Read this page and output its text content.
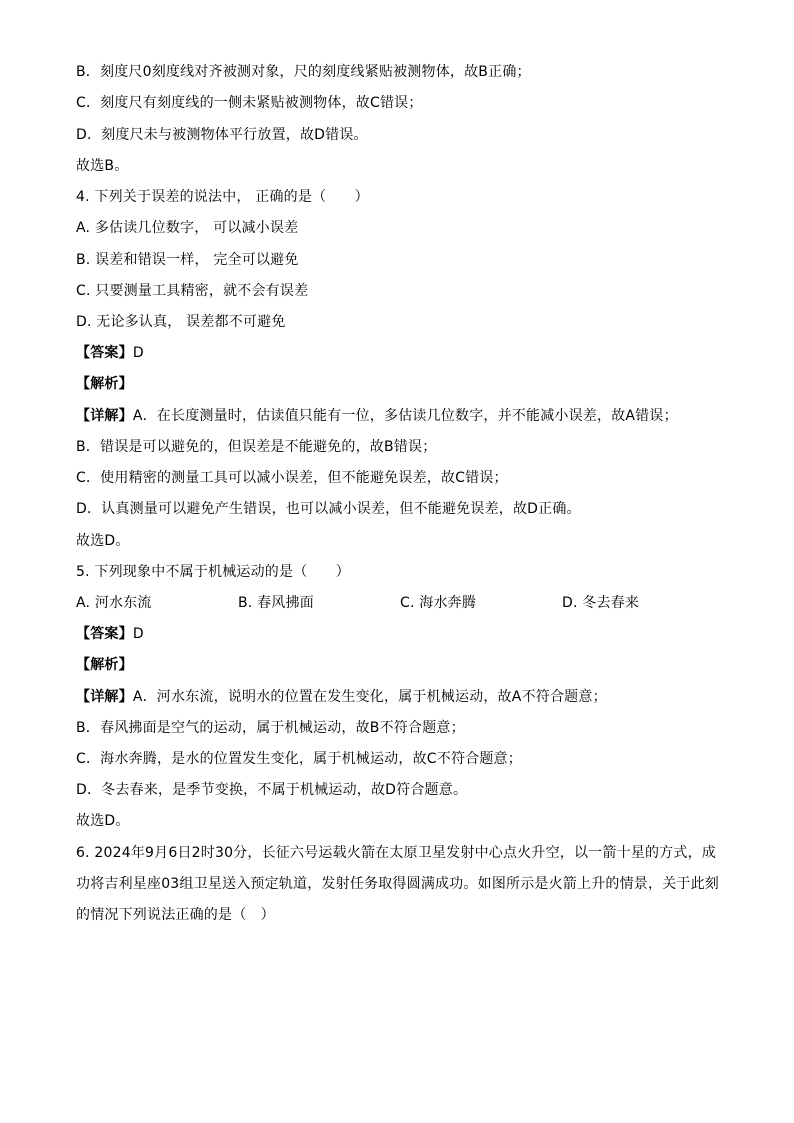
B．刻度尺0刻度线对齐被测对象，尺的刻度线紧贴被测物体，故B正确；
C．刻度尺有刻度线的一侧未紧贴被测物体，故C错误；
D．刻度尺未与被测物体平行放置，故D错误。
故选B。
4. 下列关于误差的说法中， 正确的是（　　）
A. 多估读几位数字， 可以减小误差
B. 误差和错误一样， 完全可以避免
C. 只要测量工具精密，就不会有误差
D. 无论多认真， 误差都不可避免
【答案】D
【解析】
【详解】A．在长度测量时，估读值只能有一位，多估读几位数字，并不能减小误差，故A错误；
B．错误是可以避免的，但误差是不能避免的，故B错误；
C．使用精密的测量工具可以减小误差，但不能避免误差，故C错误；
D．认真测量可以避免产生错误，也可以减小误差，但不能避免误差，故D正确。
故选D。
5. 下列现象中不属于机械运动的是（　　）
A. 河水东流	B. 春风拂面	C. 海水奔腾	D. 冬去春来
【答案】D
【解析】
【详解】A．河水东流，说明水的位置在发生变化，属于机械运动，故A不符合题意；
B．春风拂面是空气的运动，属于机械运动，故B不符合题意；
C．海水奔腾，是水的位置发生变化，属于机械运动，故C不符合题意；
D．冬去春来，是季节变换，不属于机械运动，故D符合题意。
故选D。
6. 2024年9月6日2时30分，长征六号运载火箭在太原卫星发射中心点火升空，以一箭十星的方式，成
功将吉利星座03组卫星送入预定轨道，发射任务取得圆满成功。如图所示是火箭上升的情景，关于此刻
的情况下列说法正确的是（　）
